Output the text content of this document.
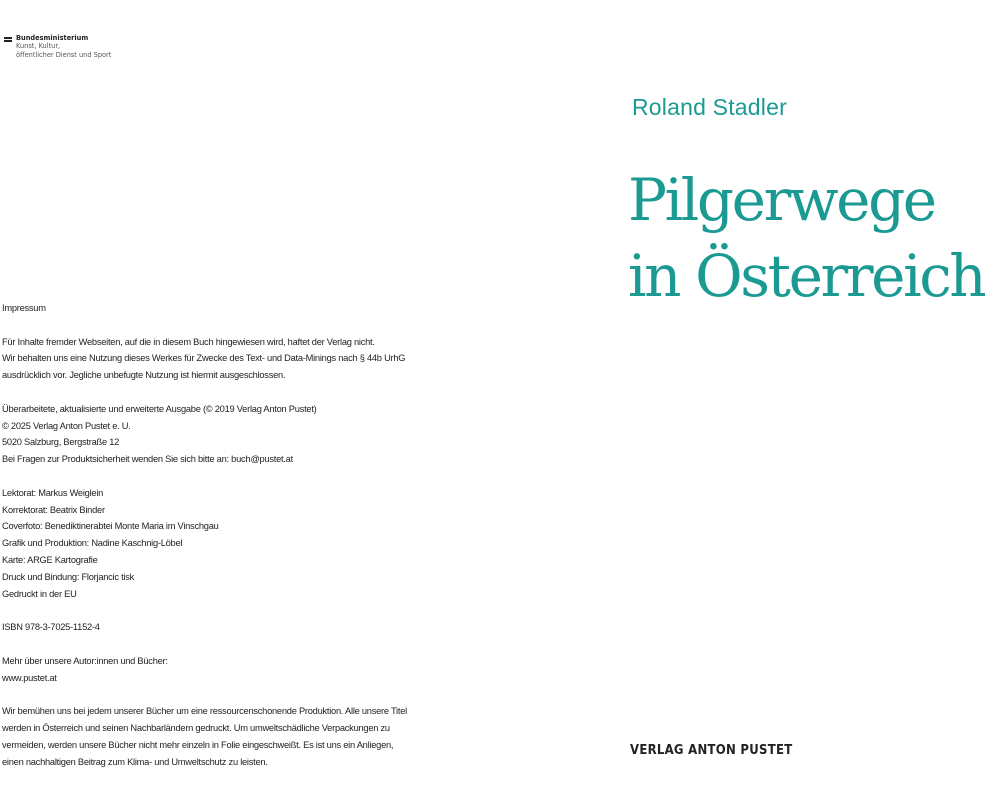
Bundesministerium
Kunst, Kultur,
öffentlicher Dienst und Sport
Impressum
Für Inhalte fremder Webseiten, auf die in diesem Buch hingewiesen wird, haftet der Verlag nicht.
Wir behalten uns eine Nutzung dieses Werkes für Zwecke des Text- und Data-Minings nach § 44b UrhG
ausdrücklich vor. Jegliche unbefugte Nutzung ist hiermit ausgeschlossen.
Überarbeitete, aktualisierte und erweiterte Ausgabe (© 2019 Verlag Anton Pustet)
© 2025 Verlag Anton Pustet e. U.
5020 Salzburg, Bergstraße 12
Bei Fragen zur Produktsicherheit wenden Sie sich bitte an: buch@pustet.at
Lektorat: Markus Weiglein
Korrektorat: Beatrix Binder
Coverfoto: Benediktinerabtei Monte Maria im Vinschgau
Grafik und Produktion: Nadine Kaschnig-Löbel
Karte: ARGE Kartografie
Druck und Bindung: Florjancic tisk
Gedruckt in der EU
ISBN 978-3-7025-1152-4
Mehr über unsere Autor:innen und Bücher:
www.pustet.at
Wir bemühen uns bei jedem unserer Bücher um eine ressourcenschonende Produktion. Alle unsere Titel
werden in Österreich und seinen Nachbarländern gedruckt. Um umweltschädliche Verpackungen zu
vermeiden, werden unsere Bücher nicht mehr einzeln in Folie eingeschweißt. Es ist uns ein Anliegen,
einen nachhaltigen Beitrag zum Klima- und Umweltschutz zu leisten.
Roland Stadler
Pilgerwege
in Österreich
VERLAG ANTON PUSTET
